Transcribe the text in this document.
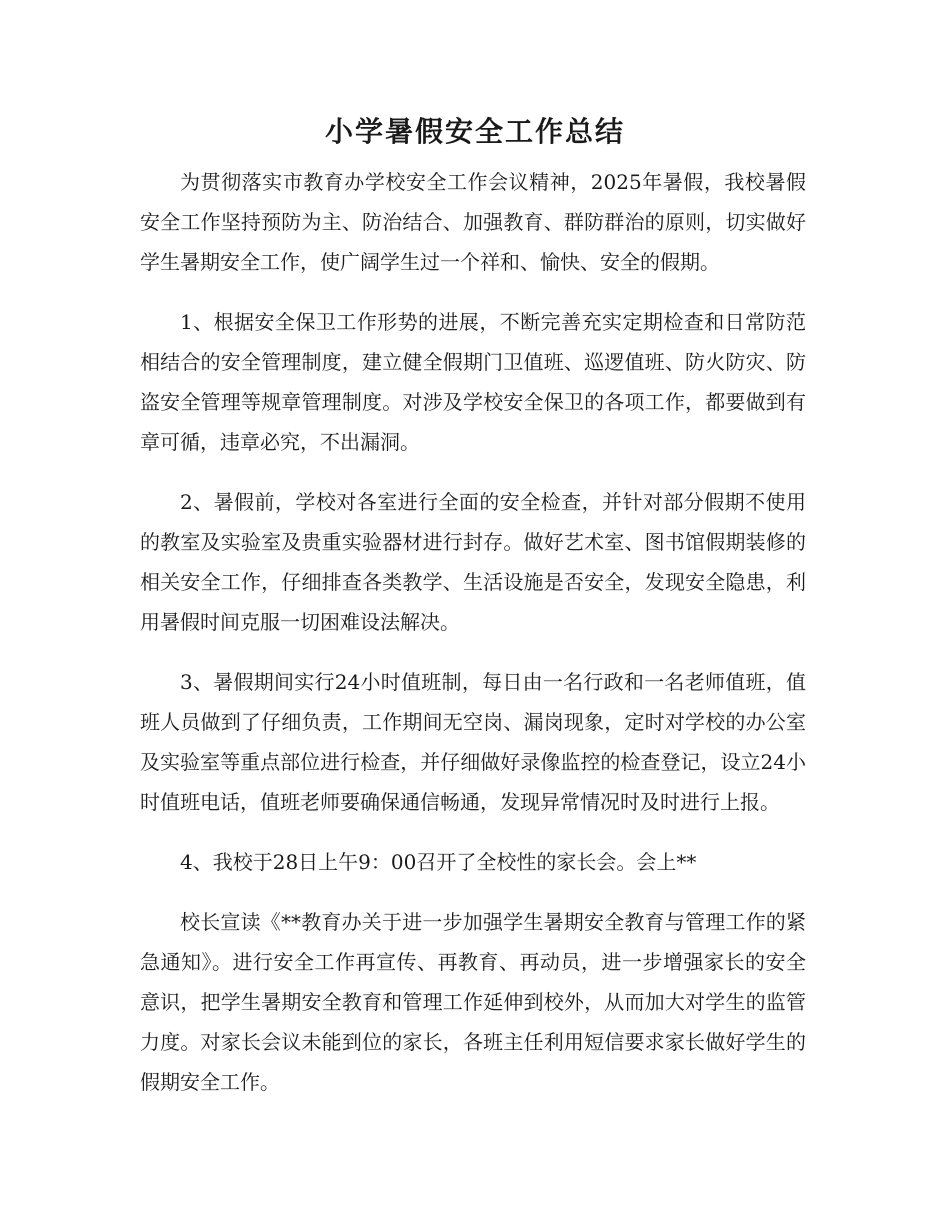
小学暑假安全工作总结

为贯彻落实市教育办学校安全工作会议精神，2025年暑假，我校暑假安全工作坚持预防为主、防治结合、加强教育、群防群治的原则，切实做好学生暑期安全工作，使广阔学生过一个祥和、愉快、安全的假期。

1、根据安全保卫工作形势的进展，不断完善充实定期检查和日常防范相结合的安全管理制度，建立健全假期门卫值班、巡逻值班、防火防灾、防盗安全管理等规章管理制度。对涉及学校安全保卫的各项工作，都要做到有章可循，违章必究，不出漏洞。

2、暑假前，学校对各室进行全面的安全检查，并针对部分假期不使用的教室及实验室及贵重实验器材进行封存。做好艺术室、图书馆假期装修的相关安全工作，仔细排查各类教学、生活设施是否安全，发现安全隐患，利用暑假时间克服一切困难设法解决。

3、暑假期间实行24小时值班制，每日由一名行政和一名老师值班，值班人员做到了仔细负责，工作期间无空岗、漏岗现象，定时对学校的办公室及实验室等重点部位进行检查，并仔细做好录像监控的检查登记，设立24小时值班电话，值班老师要确保通信畅通，发现异常情况时及时进行上报。

4、我校于28日上午9：00召开了全校性的家长会。会上**

校长宣读《**教育办关于进一步加强学生暑期安全教育与管理工作的紧急通知》。进行安全工作再宣传、再教育、再动员，进一步增强家长的安全意识，把学生暑期安全教育和管理工作延伸到校外，从而加大对学生的监管力度。对家长会议未能到位的家长，各班主任利用短信要求家长做好学生的假期安全工作。
